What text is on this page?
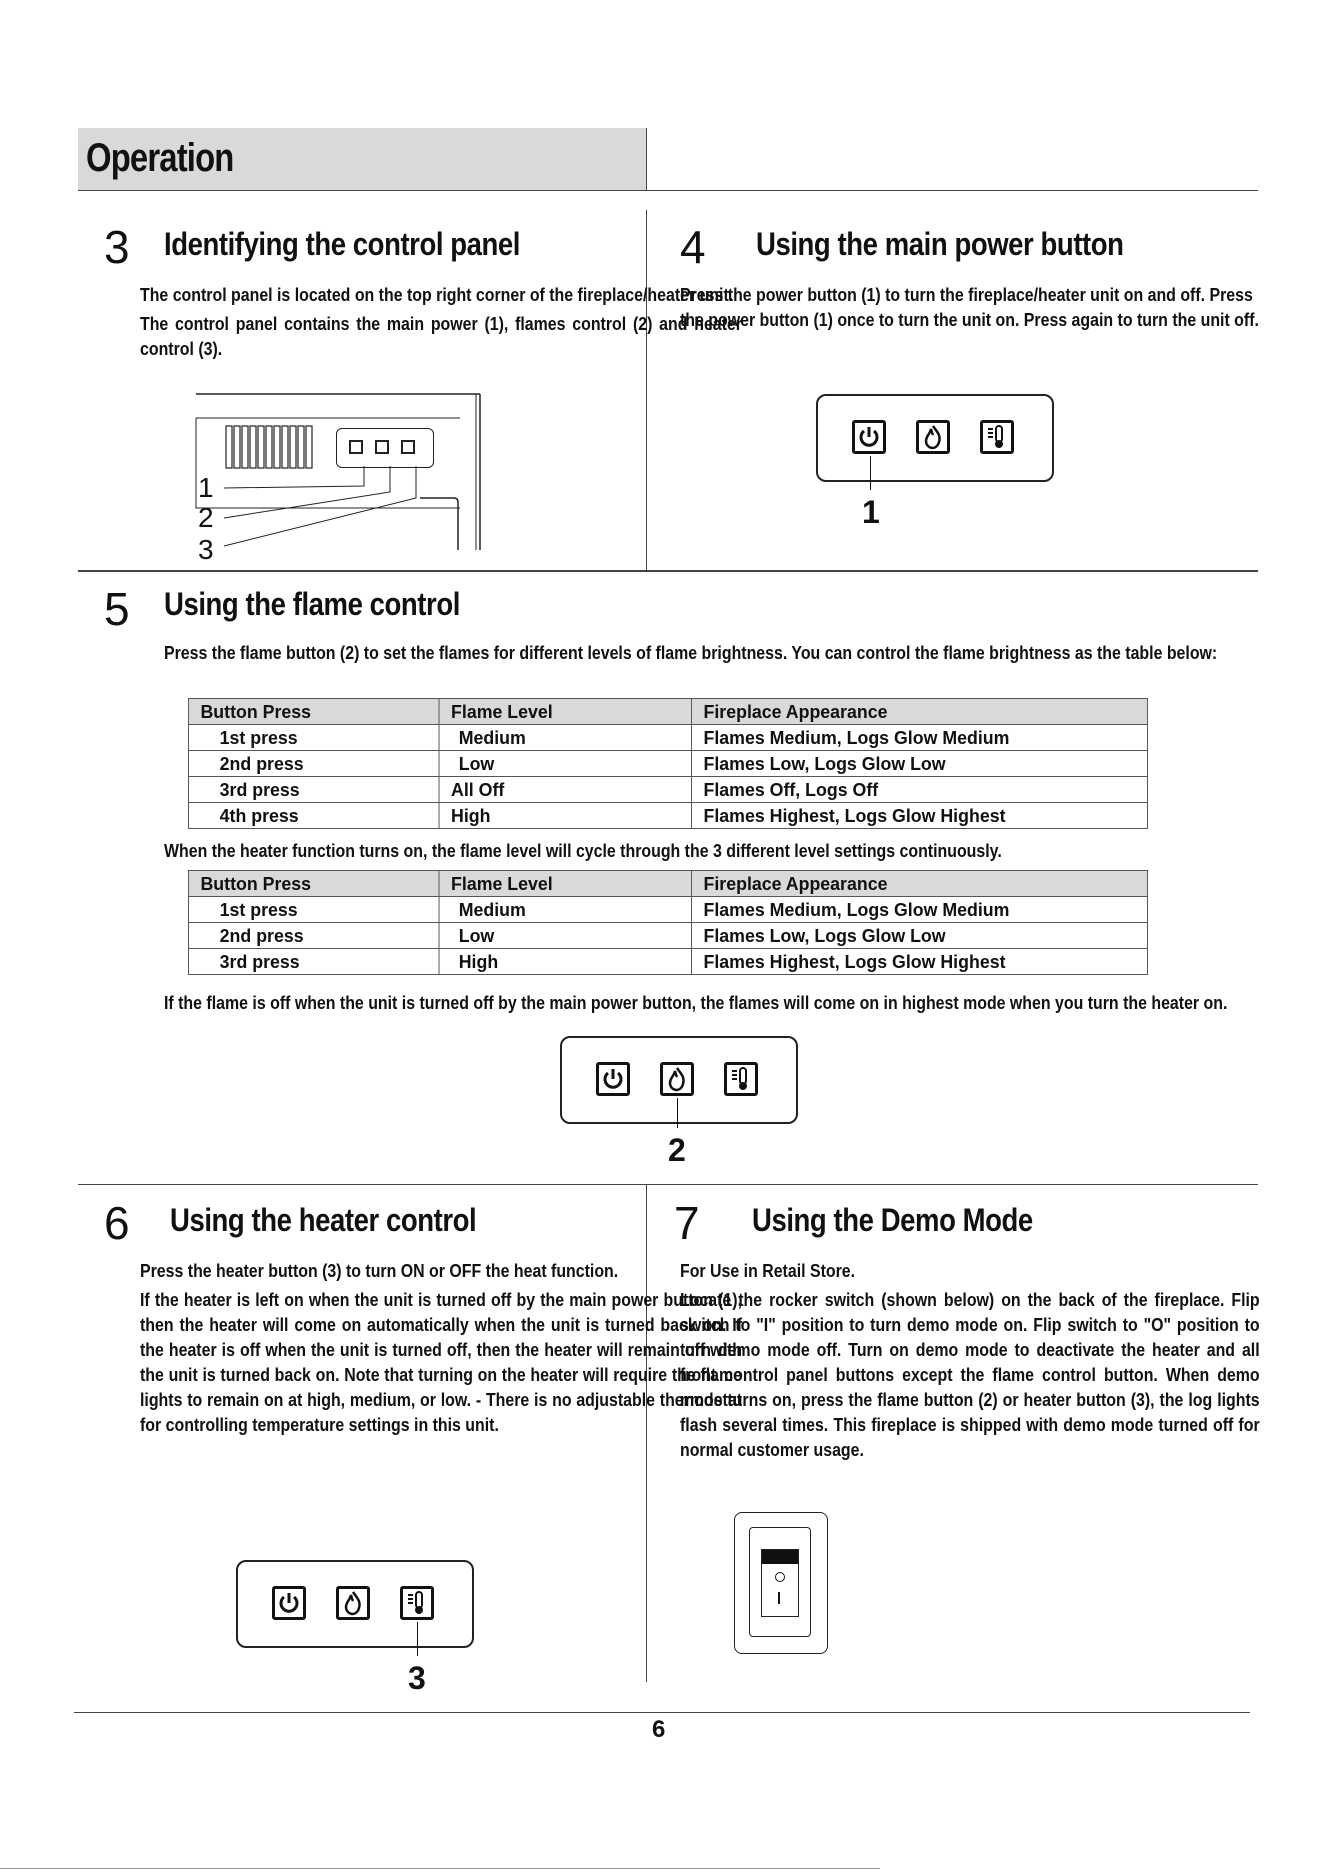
Operation
3 Identifying the control panel

The control panel is located on the top right corner of the fireplace/heater unit.

The control panel contains the main power (1), flames control (2) and heater control (3).

1
2
3
4 Using the main power button

Press the power button (1) to turn the fireplace/heater unit on and off. Press the power button (1) once to turn the unit on. Press again to turn the unit off.

1
5 Using the flame control
Press the flame button (2) to set the flames for different levels of flame brightness. You can control the flame brightness as the table below:
Button Press	Flame Level	Fireplace Appearance
1st press	Medium	Flames Medium, Logs Glow Medium
2nd press	Low	Flames Low, Logs Glow Low
3rd press	All Off	Flames Off, Logs Off
4th press	High	Flames Highest, Logs Glow Highest
When the heater function turns on, the flame level will cycle through the 3 different level settings continuously.
Button Press	Flame Level	Fireplace Appearance
1st press	Medium	Flames Medium, Logs Glow Medium
2nd press	Low	Flames Low, Logs Glow Low
3rd press	High	Flames Highest, Logs Glow Highest
If the flame is off when the unit is turned off by the main power button, the flames will come on in highest mode when you turn the heater on.
2
6 Using the heater control

Press the heater button (3) to turn ON or OFF the heat function.

If the heater is left on when the unit is turned off by the main power button (1), then the heater will come on automatically when the unit is turned back on. If the heater is off when the unit is turned off, then the heater will remain off with the unit is turned back on. Note that turning on the heater will require the flame lights to remain on at high, medium, or low. - There is no adjustable thermostat for controlling temperature settings in this unit.

3
7 Using the Demo Mode

For Use in Retail Store.

Locate the rocker switch (shown below) on the back of the fireplace. Flip switch to "I" position to turn demo mode on. Flip switch to "O" position to turn demo mode off. Turn on demo mode to deactivate the heater and all front control panel buttons except the flame control button. When demo mode turns on, press the flame button (2) or heater button (3), the log lights flash several times. This fireplace is shipped with demo mode turned off for normal customer usage.

6
